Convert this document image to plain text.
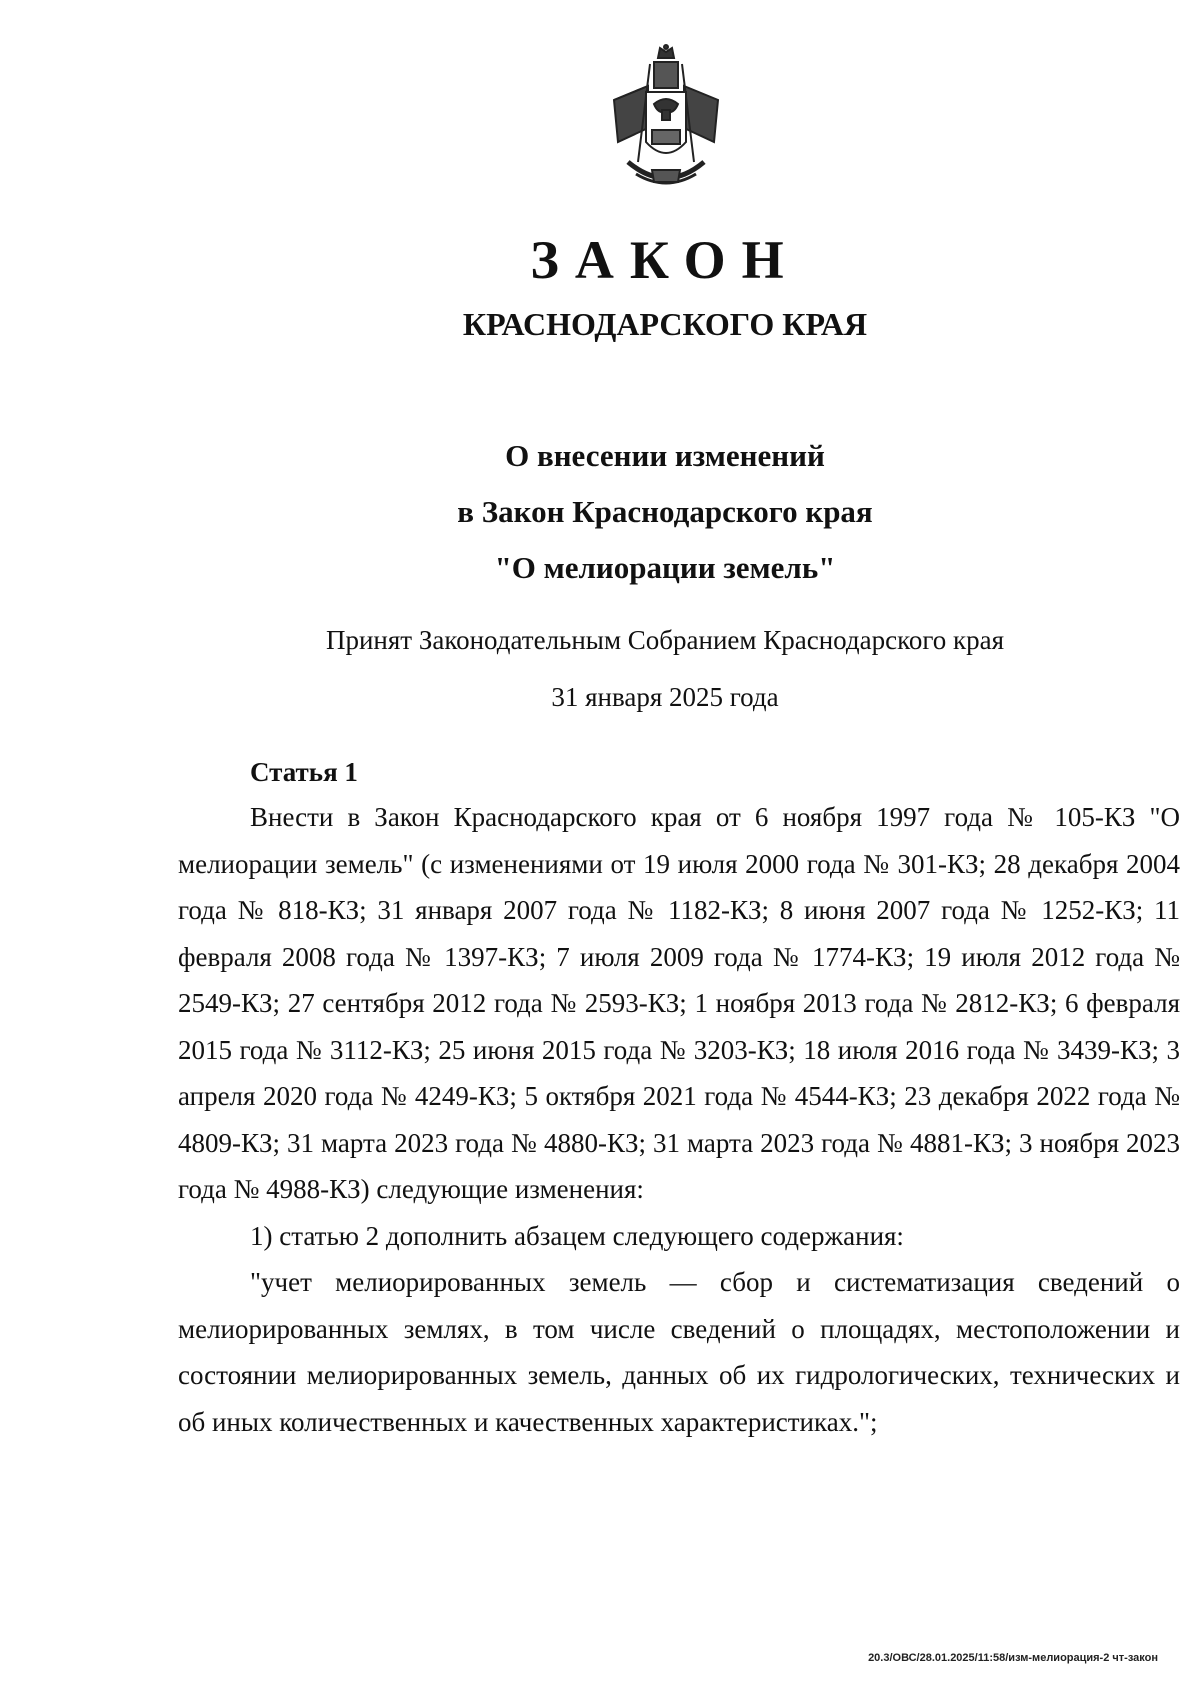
ЗАКОН
КРАСНОДАРСКОГО КРАЯ
О внесении изменений
в Закон Краснодарского края
"О мелиорации земель"
Принят Законодательным Собранием Краснодарского края
31 января 2025 года
Статья 1

Внести в Закон Краснодарского края от 6 ноября 1997 года № 105-КЗ "О мелиорации земель" (с изменениями от 19 июля 2000 года № 301-КЗ; 28 декабря 2004 года № 818-КЗ; 31 января 2007 года № 1182-КЗ; 8 июня 2007 года № 1252-КЗ; 11 февраля 2008 года № 1397-КЗ; 7 июля 2009 года № 1774-КЗ; 19 июля 2012 года № 2549-КЗ; 27 сентября 2012 года № 2593-КЗ; 1 ноября 2013 года № 2812-КЗ; 6 февраля 2015 года № 3112-КЗ; 25 июня 2015 года № 3203-КЗ; 18 июля 2016 года № 3439-КЗ; 3 апреля 2020 года № 4249-КЗ; 5 октября 2021 года № 4544-КЗ; 23 декабря 2022 года № 4809-КЗ; 31 марта 2023 года № 4880-КЗ; 31 марта 2023 года № 4881-КЗ; 3 ноября 2023 года № 4988-КЗ) следующие изменения:

1) статью 2 дополнить абзацем следующего содержания:

"учет мелиорированных земель — сбор и систематизация сведений о мелиорированных землях, в том числе сведений о площадях, местоположении и состоянии мелиорированных земель, данных об их гидрологических, технических и об иных количественных и качественных характеристиках.";

20.3/ОВС/28.01.2025/11:58/изм-мелиорация-2 чт-закон
